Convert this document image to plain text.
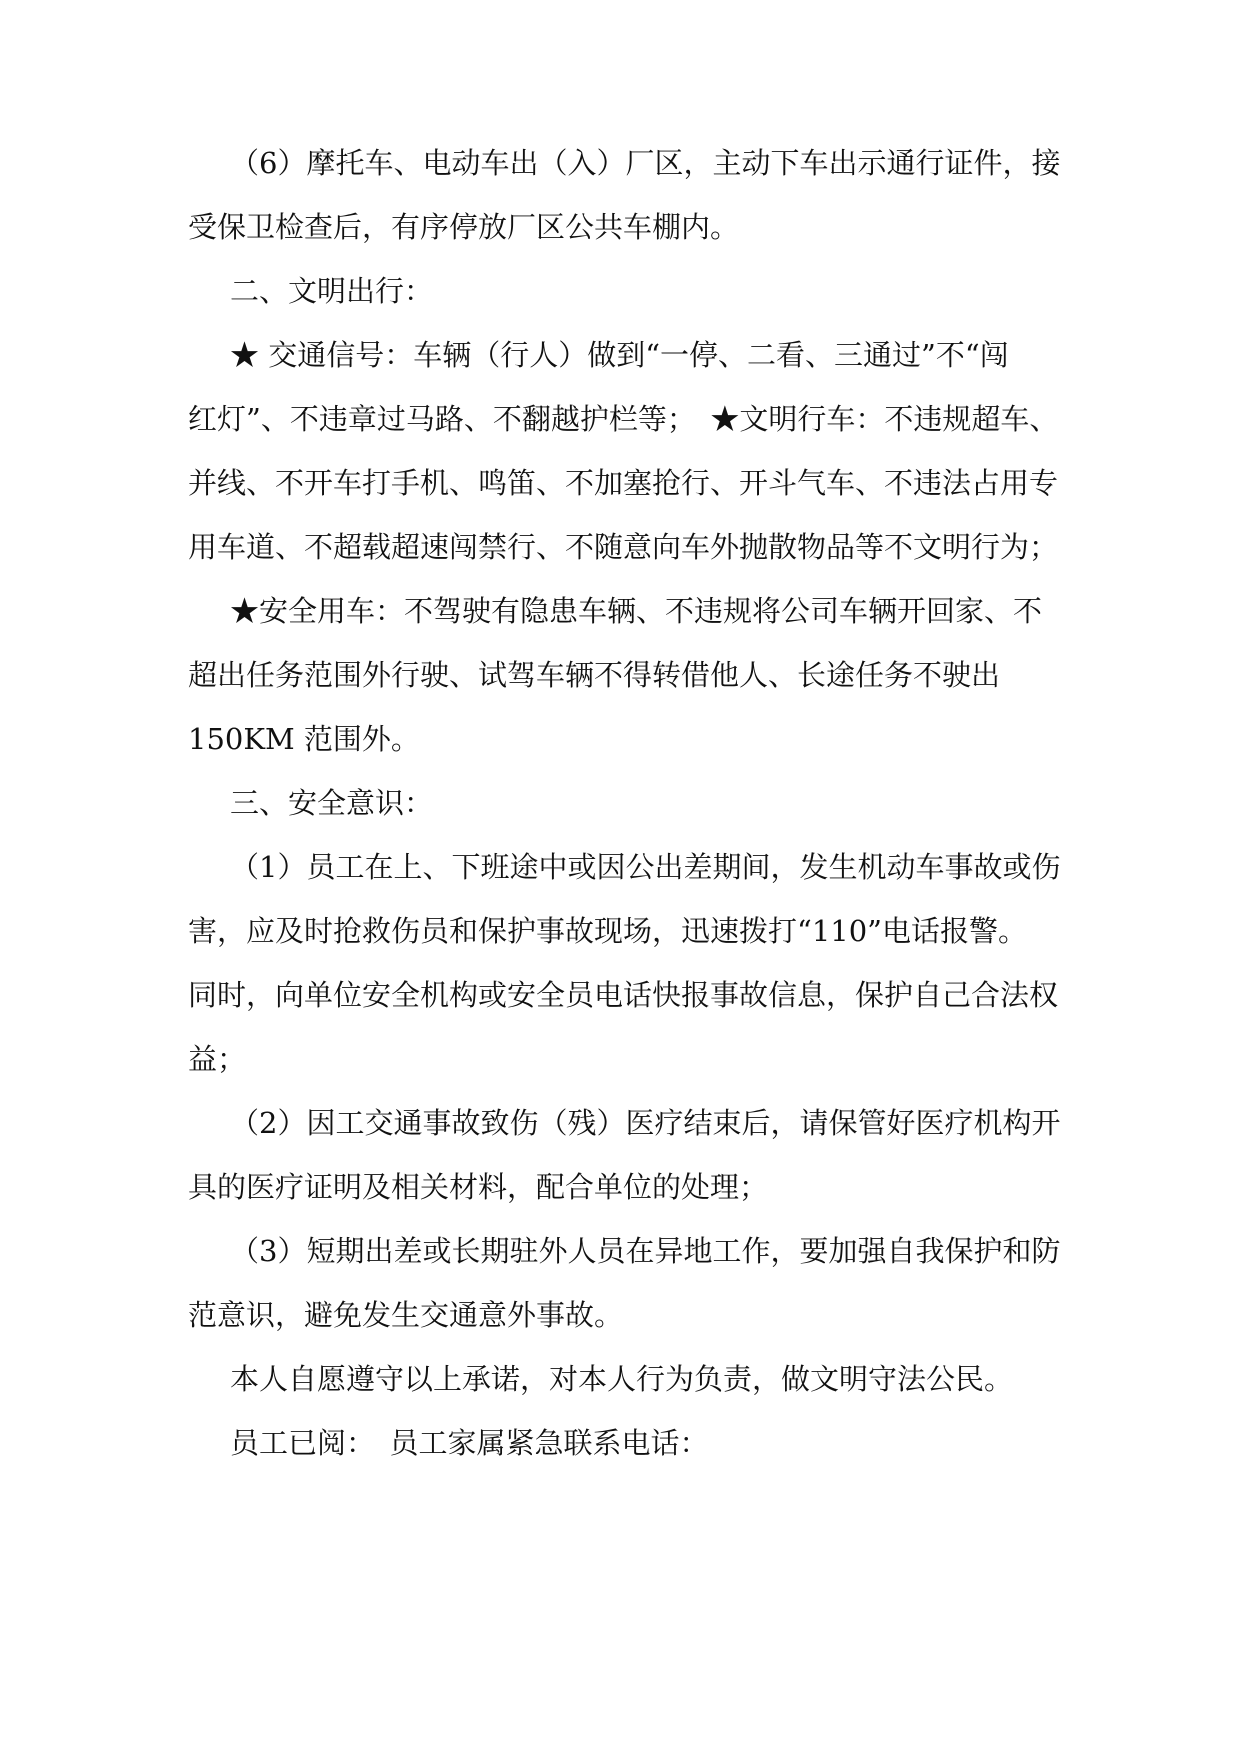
（6）摩托车、电动车出（入）厂区，主动下车出示通行证件，接
受保卫检查后，有序停放厂区公共车棚内。
二、文明出行：
★ 交通信号：车辆（行人）做到“一停、二看、三通过”不“闯
红灯”、不违章过马路、不翻越护栏等；　★文明行车：不违规超车、
并线、不开车打手机、鸣笛、不加塞抢行、开斗气车、不违法占用专
用车道、不超载超速闯禁行、不随意向车外抛散物品等不文明行为；
★安全用车：不驾驶有隐患车辆、不违规将公司车辆开回家、不
超出任务范围外行驶、试驾车辆不得转借他人、长途任务不驶出
150KM 范围外。
三、安全意识：
（1）员工在上、下班途中或因公出差期间，发生机动车事故或伤
害，应及时抢救伤员和保护事故现场，迅速拨打“110”电话报警。
同时，向单位安全机构或安全员电话快报事故信息，保护自己合法权
益；
（2）因工交通事故致伤（残）医疗结束后，请保管好医疗机构开
具的医疗证明及相关材料，配合单位的处理；
（3）短期出差或长期驻外人员在异地工作，要加强自我保护和防
范意识，避免发生交通意外事故。
本人自愿遵守以上承诺，对本人行为负责，做文明守法公民。
员工已阅：　员工家属紧急联系电话：
